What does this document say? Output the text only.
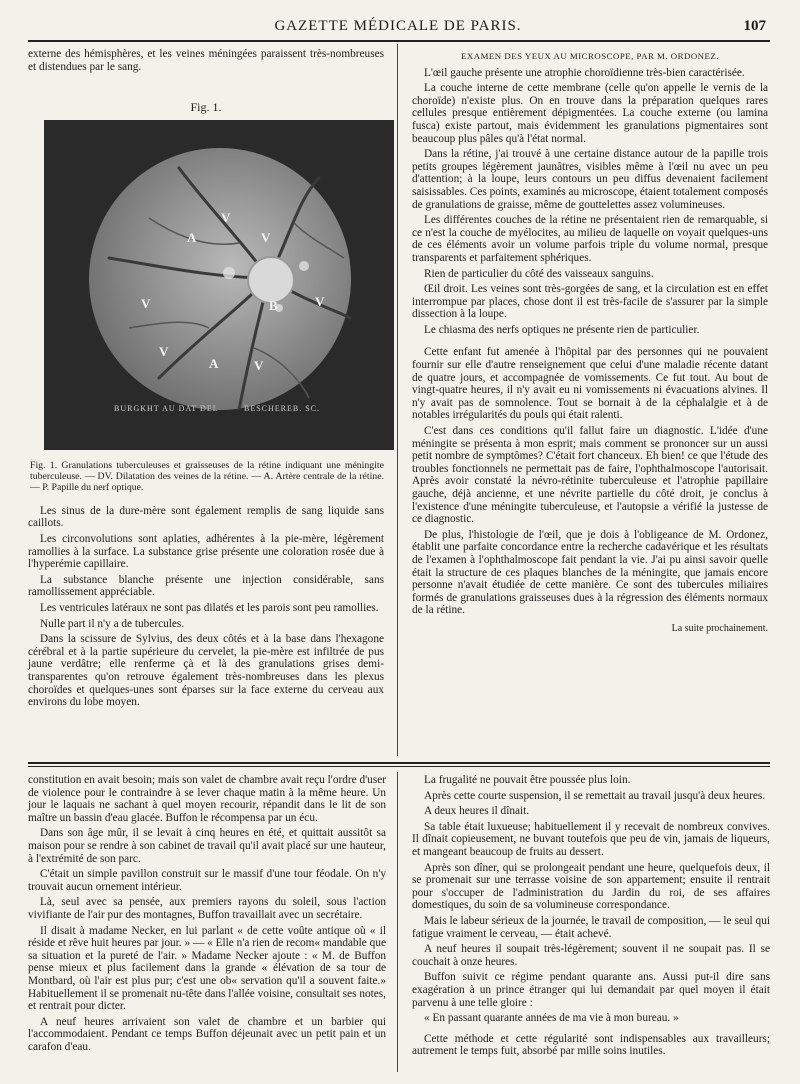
GAZETTE MÉDICALE DE PARIS.	107

externe des hémisphères, et les veines méningées paraissent très-nombreuses et distendues par le sang.

Fig. 1.
V
A	V
V	B	V
V
A	V
BURGKHT AU DAT DEL	BESCHEREB. SC.

Fig. 1. Granulations tuberculeuses et graisseuses de la rétine indiquant une méningite tuberculeuse. — DV. Dilatation des veines de la rétine. — A. Artère centrale de la rétine. — P. Papille du nerf optique.

Les sinus de la dure-mère sont également remplis de sang liquide sans caillots.

Les circonvolutions sont aplaties, adhérentes à la pie-mère, légèrement ramollies à la surface. La substance grise présente une coloration rosée due à l'hyperémie capillaire.

La substance blanche présente une injection considérable, sans ramollissement appréciable.

Les ventricules latéraux ne sont pas dilatés et les parois sont peu ramollies.

Nulle part il n'y a de tubercules.

Dans la scissure de Sylvius, des deux côtés et à la base dans l'hexagone cérébral et à la partie supérieure du cervelet, la pie-mère est infiltrée de pus jaune verdâtre; elle renferme çà et là des granulations grises demi-transparentes qu'on retrouve également très-nombreuses dans les plexus choroïdes et quelques-unes sont éparses sur la face externe du cerveau aux environs du lobe moyen.

EXAMEN DES YEUX AU MICROSCOPE, PAR M. ORDONEZ.

L'œil gauche présente une atrophie choroïdienne très-bien caractérisée.

La couche interne de cette membrane (celle qu'on appelle le vernis de la choroïde) n'existe plus. On en trouve dans la préparation quelques rares cellules presque entièrement dépigmentées. La couche externe (ou lamina fusca) existe partout, mais évidemment les granulations pigmentaires sont beaucoup plus pâles qu'à l'état normal.

Dans la rétine, j'ai trouvé à une certaine distance autour de la papille trois petits groupes légèrement jaunâtres, visibles même à l'œil nu avec un peu d'attention; à la loupe, leurs contours un peu diffus devenaient facilement saisissables. Ces points, examinés au microscope, étaient totalement composés de granulations de graisse, même de gouttelettes assez volumineuses.

Les différentes couches de la rétine ne présentaient rien de remarquable, si ce n'est la couche de myélocites, au milieu de laquelle on voyait quelques-uns de ces éléments avoir un volume parfois triple du volume normal, presque transparents et parfaitement sphériques.

Rien de particulier du côté des vaisseaux sanguins.

Œil droit. Les veines sont très-gorgées de sang, et la circulation est en effet interrompue par places, chose dont il est très-facile de s'assurer par la simple dissection à la loupe.

Le chiasma des nerfs optiques ne présente rien de particulier.

Cette enfant fut amenée à l'hôpital par des personnes qui ne pouvaient fournir sur elle d'autre renseignement que celui d'une maladie récente datant de quatre jours, et accompagnée de vomissements. Ce fut tout. Au bout de vingt-quatre heures, il n'y avait eu ni vomissements ni évacuations alvines. Il n'y avait pas de somnolence. Tout se bornait à de la céphalalgie et à de notables irrégularités du pouls qui était ralenti.

C'est dans ces conditions qu'il fallut faire un diagnostic. L'idée d'une méningite se présenta à mon esprit; mais comment se prononcer sur un aussi petit nombre de symptômes? C'était fort chanceux. Eh bien! ce que l'étude des troubles fonctionnels ne permettait pas de faire, l'ophthalmoscope l'autorisait. Après avoir constaté la névro-rétinite tuberculeuse et l'atrophie papillaire gauche, déjà ancienne, et une névrite partielle du côté droit, je conclus à l'existence d'une méningite tuberculeuse, et l'autopsie a vérifié la justesse de ce diagnostic.

De plus, l'histologie de l'œil, que je dois à l'obligeance de M. Ordonez, établit une parfaite concordance entre la recherche cadavérique et les résultats de l'examen à l'ophthalmoscope fait pendant la vie. J'ai pu ainsi savoir quelle était la structure de ces plaques blanches de la méningite, que jamais encore personne n'avait étudiée de cette manière. Ce sont des tubercules miliaires formés de granulations graisseuses dues à la régression des éléments normaux de la rétine.

La suite prochainement.

constitution en avait besoin; mais son valet de chambre avait reçu l'ordre d'user de violence pour le contraindre à se lever chaque matin à la même heure. Un jour le laquais ne sachant à quel moyen recourir, répandit dans le lit de son maître un bassin d'eau glacée. Buffon le récompensa par un écu.

Dans son âge mûr, il se levait à cinq heures en été, et quittait aussitôt sa maison pour se rendre à son cabinet de travail qu'il avait placé sur une hauteur, à l'extrémité de son parc.

C'était un simple pavillon construit sur le massif d'une tour féodale. On n'y trouvait aucun ornement intérieur.

Là, seul avec sa pensée, aux premiers rayons du soleil, sous l'action vivifiante de l'air pur des montagnes, Buffon travaillait avec un secrétaire.

Il disait à madame Necker, en lui parlant « de cette voûte antique où « il réside et rêve huit heures par jour. » — « Elle n'a rien de recom« mandable que sa situation et la pureté de l'air. » Madame Necker ajoute : « M. de Buffon pense mieux et plus facilement dans la grande « élévation de sa tour de Montbard, où l'air est plus pur; c'est une ob« servation qu'il a souvent faite.» Habituellement il se promenait nu-tête dans l'allée voisine, consultait ses notes, et rentrait pour dicter.

A neuf heures arrivaient son valet de chambre et un barbier qui l'accommodaient. Pendant ce temps Buffon déjeunait avec un petit pain et un carafon d'eau.

La frugalité ne pouvait être poussée plus loin.

Après cette courte suspension, il se remettait au travail jusqu'à deux heures.

A deux heures il dînait.

Sa table était luxueuse; habituellement il y recevait de nombreux convives. Il dînait copieusement, ne buvant toutefois que peu de vin, jamais de liqueurs, et mangeant beaucoup de fruits au dessert.

Après son dîner, qui se prolongeait pendant une heure, quelquefois deux, il se promenait sur une terrasse voisine de son appartement; ensuite il rentrait pour s'occuper de l'administration du Jardin du roi, de ses affaires domestiques, du soin de sa volumineuse correspondance.

Mais le labeur sérieux de la journée, le travail de composition, — le seul qui fatigue vraiment le cerveau, — était achevé.

A neuf heures il soupait très-légèrement; souvent il ne soupait pas. Il se couchait à onze heures.

Buffon suivit ce régime pendant quarante ans. Aussi put-il dire sans exagération à un prince étranger qui lui demandait par quel moyen il était parvenu à une telle gloire :

« En passant quarante années de ma vie à mon bureau. »

Cette méthode et cette régularité sont indispensables aux travailleurs; autrement le temps fuit, absorbé par mille soins inutiles.
